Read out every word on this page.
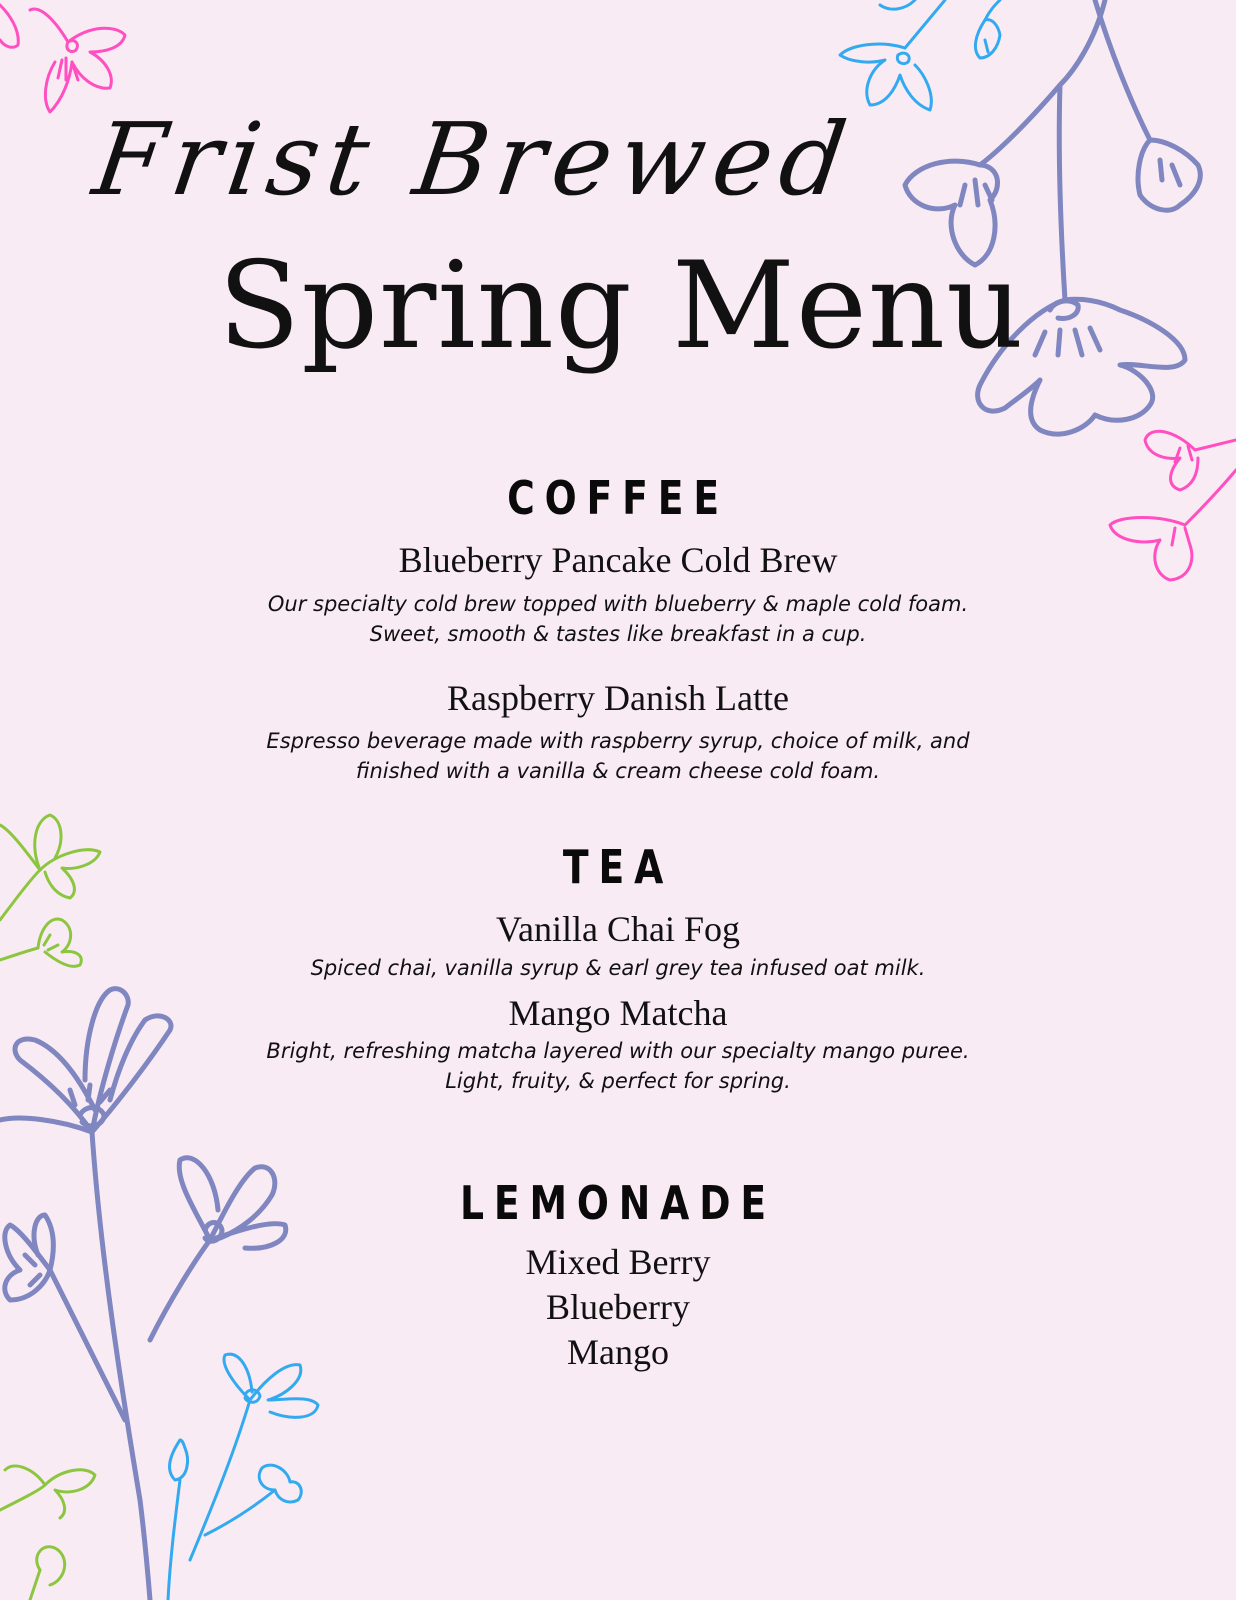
Frist Brewed
Spring Menu
COFFEE
Blueberry Pancake Cold Brew
Our specialty cold brew topped with blueberry & maple cold foam.
Sweet, smooth & tastes like breakfast in a cup.
Raspberry Danish Latte
Espresso beverage made with raspberry syrup, choice of milk, and
finished with a vanilla & cream cheese cold foam.
TEA
Vanilla Chai Fog
Spiced chai, vanilla syrup & earl grey tea infused oat milk.
Mango Matcha
Bright, refreshing matcha layered with our specialty mango puree.
Light, fruity, & perfect for spring.
LEMONADE
Mixed Berry
Blueberry
Mango
